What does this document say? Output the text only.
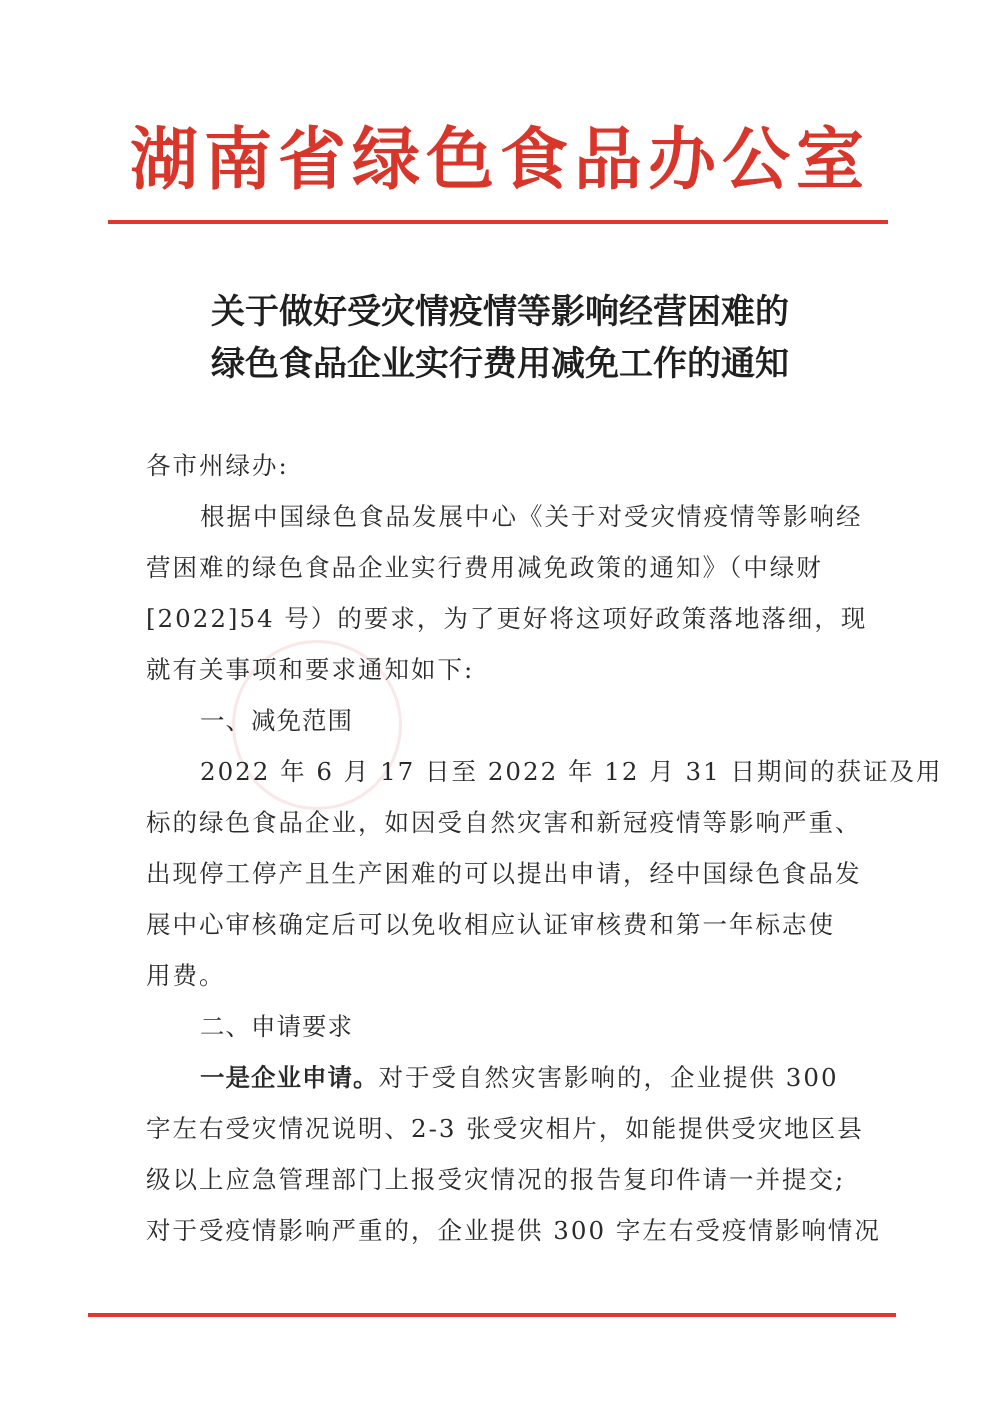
湖南省绿色食品办公室
关于做好受灾情疫情等影响经营困难的
绿色食品企业实行费用减免工作的通知
各市州绿办:
根据中国绿色食品发展中心《关于对受灾情疫情等影响经
营困难的绿色食品企业实行费用减免政策的通知》（中绿财
[2022]54 号）的要求，为了更好将这项好政策落地落细，现
就有关事项和要求通知如下:
一、减免范围
2022 年 6 月 17 日至 2022 年 12 月 31 日期间的获证及用
标的绿色食品企业，如因受自然灾害和新冠疫情等影响严重、
出现停工停产且生产困难的可以提出申请，经中国绿色食品发
展中心审核确定后可以免收相应认证审核费和第一年标志使
用费。
二、申请要求
一是企业申请。对于受自然灾害影响的，企业提供 300
字左右受灾情况说明、2-3 张受灾相片，如能提供受灾地区县
级以上应急管理部门上报受灾情况的报告复印件请一并提交;
对于受疫情影响严重的，企业提供 300 字左右受疫情影响情况
